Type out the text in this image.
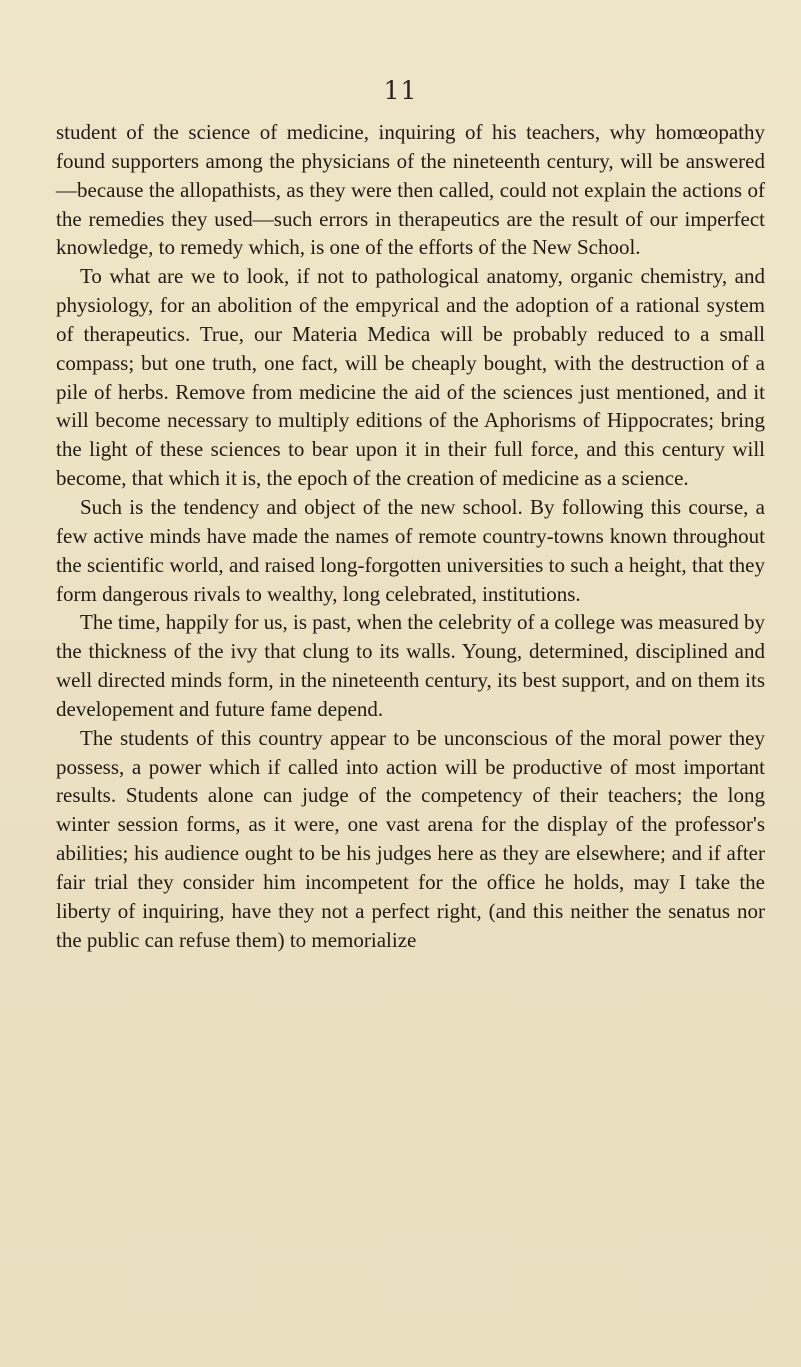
11

student of the science of medicine, inquiring of his teachers, why homœopathy found supporters among the physicians of the nineteenth century, will be answered—because the allopathists, as they were then called, could not explain the actions of the remedies they used—such errors in therapeutics are the result of our imperfect knowledge, to remedy which, is one of the efforts of the New School.

To what are we to look, if not to pathological anatomy, organic chemistry, and physiology, for an abolition of the empyrical and the adoption of a rational system of therapeutics. True, our Materia Medica will be probably reduced to a small compass; but one truth, one fact, will be cheaply bought, with the destruction of a pile of herbs. Remove from medicine the aid of the sciences just mentioned, and it will become necessary to multiply editions of the Aphorisms of Hippocrates; bring the light of these sciences to bear upon it in their full force, and this century will become, that which it is, the epoch of the creation of medicine as a science.

Such is the tendency and object of the new school. By following this course, a few active minds have made the names of remote country-towns known throughout the scientific world, and raised long-forgotten universities to such a height, that they form dangerous rivals to wealthy, long celebrated, institutions.

The time, happily for us, is past, when the celebrity of a college was measured by the thickness of the ivy that clung to its walls. Young, determined, disciplined and well directed minds form, in the nineteenth century, its best support, and on them its developement and future fame depend.

The students of this country appear to be unconscious of the moral power they possess, a power which if called into action will be productive of most important results. Students alone can judge of the competency of their teachers; the long winter session forms, as it were, one vast arena for the display of the professor's abilities; his audience ought to be his judges here as they are elsewhere; and if after fair trial they consider him incompetent for the office he holds, may I take the liberty of inquiring, have they not a perfect right, (and this neither the senatus nor the public can refuse them) to memorialize
